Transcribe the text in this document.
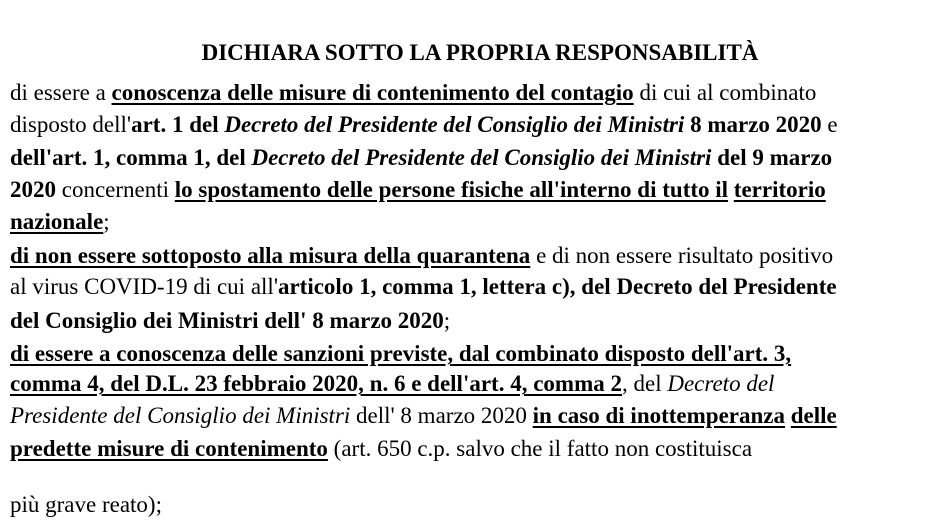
DICHIARA SOTTO LA PROPRIA RESPONSABILITÀ
di essere a conoscenza delle misure di contenimento del contagio di cui al combinato
disposto dell'art. 1 del Decreto del Presidente del Consiglio dei Ministri 8 marzo 2020 e
dell'art. 1, comma 1, del Decreto del Presidente del Consiglio dei Ministri del 9 marzo
2020 concernenti lo spostamento delle persone fisiche all'interno di tutto il territorio
nazionale;
di non essere sottoposto alla misura della quarantena e di non essere risultato positivo
al virus COVID-19 di cui all'articolo 1, comma 1, lettera c), del Decreto del Presidente
del Consiglio dei Ministri dell' 8 marzo 2020;
di essere a conoscenza delle sanzioni previste, dal combinato disposto dell'art. 3,
comma 4, del D.L. 23 febbraio 2020, n. 6 e dell'art. 4, comma 2, del Decreto del
Presidente del Consiglio dei Ministri dell' 8 marzo 2020 in caso di inottemperanza delle
predette misure di contenimento (art. 650 c.p. salvo che il fatto non costituisca
più grave reato);
